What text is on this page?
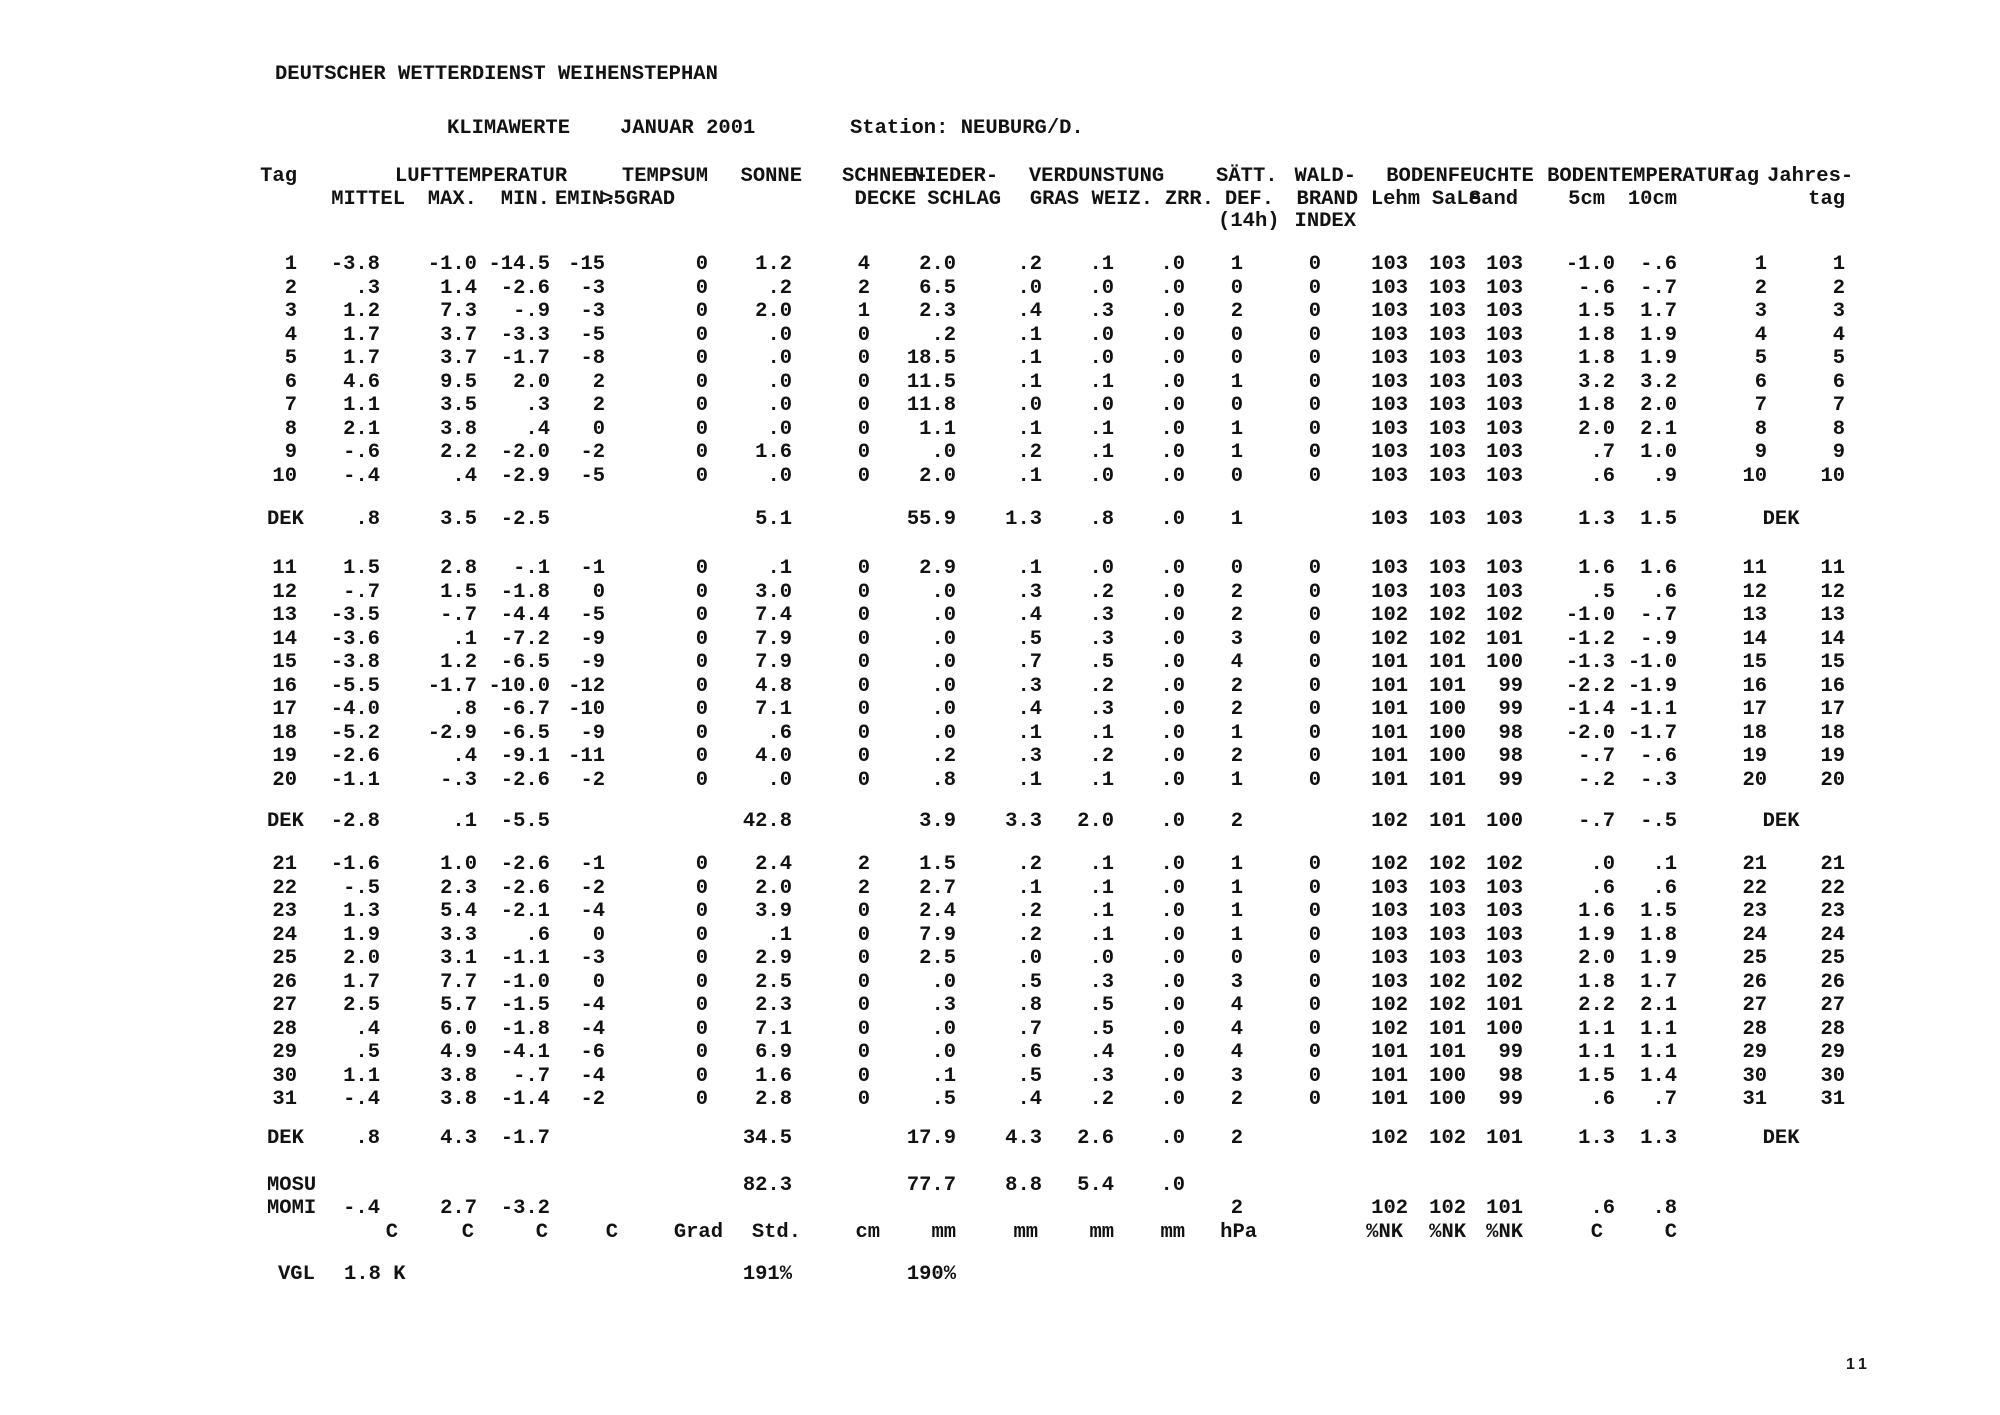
DEUTSCHER WETTERDIENST WEIHENSTEPHAN
KLIMAWERTE JANUAR 2001	Station: NEUBURG/D.
Tag	LUFTTEMPERATUR				TEMPSUM	SONNE	SCHNEE-	NIEDER-	VERDUNSTUNG			SÄTT.	WALD-	BODENFEUCHTE			BODENTEMPERATUR		Tag	Jahres-
	MITTEL	MAX.	MIN.	EMIN.	>5GRAD		DECKE	SCHLAG	GRAS	WEIZ.	ZRR.	DEF.	BRAND	Lehm	SaLe	Sand	5cm	10cm		tag
												(14h)	INDEX							

1	-3.8	-1.0	-14.5	-15	0	1.2	4	2.0	.2	.1	.0	1	0	103	103	103	-1.0	-.6	1	1
2	.3	1.4	-2.6	-3	0	.2	2	6.5	.0	.0	.0	0	0	103	103	103	-.6	-.7	2	2
3	1.2	7.3	-.9	-3	0	2.0	1	2.3	.4	.3	.0	2	0	103	103	103	1.5	1.7	3	3
4	1.7	3.7	-3.3	-5	0	.0	0	.2	.1	.0	.0	0	0	103	103	103	1.8	1.9	4	4
5	1.7	3.7	-1.7	-8	0	.0	0	18.5	.1	.0	.0	0	0	103	103	103	1.8	1.9	5	5
6	4.6	9.5	2.0	2	0	.0	0	11.5	.1	.1	.0	1	0	103	103	103	3.2	3.2	6	6
7	1.1	3.5	.3	2	0	.0	0	11.8	.0	.0	.0	0	0	103	103	103	1.8	2.0	7	7
8	2.1	3.8	.4	0	0	.0	0	1.1	.1	.1	.0	1	0	103	103	103	2.0	2.1	8	8
9	-.6	2.2	-2.0	-2	0	1.6	0	.0	.2	.1	.0	1	0	103	103	103	.7	1.0	9	9
10	-.4	.4	-2.9	-5	0	.0	0	2.0	.1	.0	.0	0	0	103	103	103	.6	.9	10	10

DEK	.8	3.5	-2.5			5.1		55.9	1.3	.8	.0	1		103	103	103	1.3	1.5	DEK	

11	1.5	2.8	-.1	-1	0	.1	0	2.9	.1	.0	.0	0	0	103	103	103	1.6	1.6	11	11
12	-.7	1.5	-1.8	0	0	3.0	0	.0	.3	.2	.0	2	0	103	103	103	.5	.6	12	12
13	-3.5	-.7	-4.4	-5	0	7.4	0	.0	.4	.3	.0	2	0	102	102	102	-1.0	-.7	13	13
14	-3.6	.1	-7.2	-9	0	7.9	0	.0	.5	.3	.0	3	0	102	102	101	-1.2	-.9	14	14
15	-3.8	1.2	-6.5	-9	0	7.9	0	.0	.7	.5	.0	4	0	101	101	100	-1.3	-1.0	15	15
16	-5.5	-1.7	-10.0	-12	0	4.8	0	.0	.3	.2	.0	2	0	101	101	99	-2.2	-1.9	16	16
17	-4.0	.8	-6.7	-10	0	7.1	0	.0	.4	.3	.0	2	0	101	100	99	-1.4	-1.1	17	17
18	-5.2	-2.9	-6.5	-9	0	.6	0	.0	.1	.1	.0	1	0	101	100	98	-2.0	-1.7	18	18
19	-2.6	.4	-9.1	-11	0	4.0	0	.2	.3	.2	.0	2	0	101	100	98	-.7	-.6	19	19
20	-1.1	-.3	-2.6	-2	0	.0	0	.8	.1	.1	.0	1	0	101	101	99	-.2	-.3	20	20

DEK	-2.8	.1	-5.5			42.8		3.9	3.3	2.0	.0	2		102	101	100	-.7	-.5	DEK	

21	-1.6	1.0	-2.6	-1	0	2.4	2	1.5	.2	.1	.0	1	0	102	102	102	.0	.1	21	21
22	-.5	2.3	-2.6	-2	0	2.0	2	2.7	.1	.1	.0	1	0	103	103	103	.6	.6	22	22
23	1.3	5.4	-2.1	-4	0	3.9	0	2.4	.2	.1	.0	1	0	103	103	103	1.6	1.5	23	23
24	1.9	3.3	.6	0	0	.1	0	7.9	.2	.1	.0	1	0	103	103	103	1.9	1.8	24	24
25	2.0	3.1	-1.1	-3	0	2.9	0	2.5	.0	.0	.0	0	0	103	103	103	2.0	1.9	25	25
26	1.7	7.7	-1.0	0	0	2.5	0	.0	.5	.3	.0	3	0	103	102	102	1.8	1.7	26	26
27	2.5	5.7	-1.5	-4	0	2.3	0	.3	.8	.5	.0	4	0	102	102	101	2.2	2.1	27	27
28	.4	6.0	-1.8	-4	0	7.1	0	.0	.7	.5	.0	4	0	102	101	100	1.1	1.1	28	28
29	.5	4.9	-4.1	-6	0	6.9	0	.0	.6	.4	.0	4	0	101	101	99	1.1	1.1	29	29
30	1.1	3.8	-.7	-4	0	1.6	0	.1	.5	.3	.0	3	0	101	100	98	1.5	1.4	30	30
31	-.4	3.8	-1.4	-2	0	2.8	0	.5	.4	.2	.0	2	0	101	100	99	.6	.7	31	31

DEK	.8	4.3	-1.7			34.5		17.9	4.3	2.6	.0	2		102	102	101	1.3	1.3	DEK	

MOSU						82.3		77.7	8.8	5.4	.0									
MOMI	-.4	2.7	-3.2									2		102	102	101	.6	.8		
	C	C	C	C	Grad	Std.	cm	mm	mm	mm	mm	hPa		%NK	%NK	%NK	C	C		

VGL	1.8 K					191%		190%												
11
